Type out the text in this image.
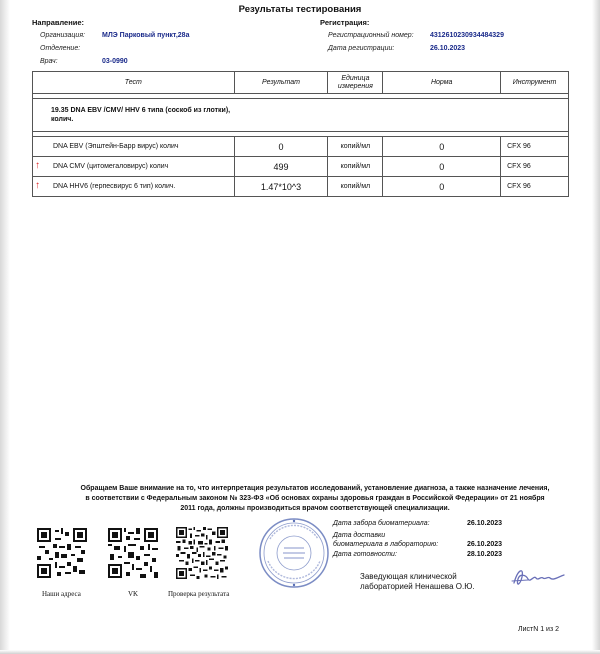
Результаты тестирования
Направление:
Организация:	МЛЭ Парковый пункт,28а
Отделение:
Врач:	03-0990
Регистрация:
Регистрационный номер:	4312610230934484329
Дата регистрации:	26.10.2023
Тест	Результат	Единица измерения	Норма	Инструмент

19.35 DNA EBV /CMV/ HHV 6 типа (соскоб из глотки), колич.				

DNA EBV (Эпштейн-Барр вирус) колич	0	копий/мл	0	CFX 96

↑ DNA CMV (цитомегаловирус) колич	499	копий/мл	0	CFX 96

↑ DNA HHV6 (герпесвирус 6 тип) колич.	1.47*10^3	копий/мл	0	CFX 96
Обращаем Ваше внимание на то, что интерпретация результатов исследований, установление диагноза, а также назначение лечения, в соответствии с Федеральным законом № 323-ФЗ «Об основах охраны здоровья граждан в Российской Федерации» от 21 ноября 2011 года, должны производиться врачом соответствующей специализации.
Наши адреса	VK	Проверка результата
Дата забора биоматериала:	26.10.2023
Дата доставки
биоматериала в лабораторию:	26.10.2023
Дата готовности:	28.10.2023
Заведующая клинической
лабораторией Ненашева О.Ю.
ЛистN 1 из 2
